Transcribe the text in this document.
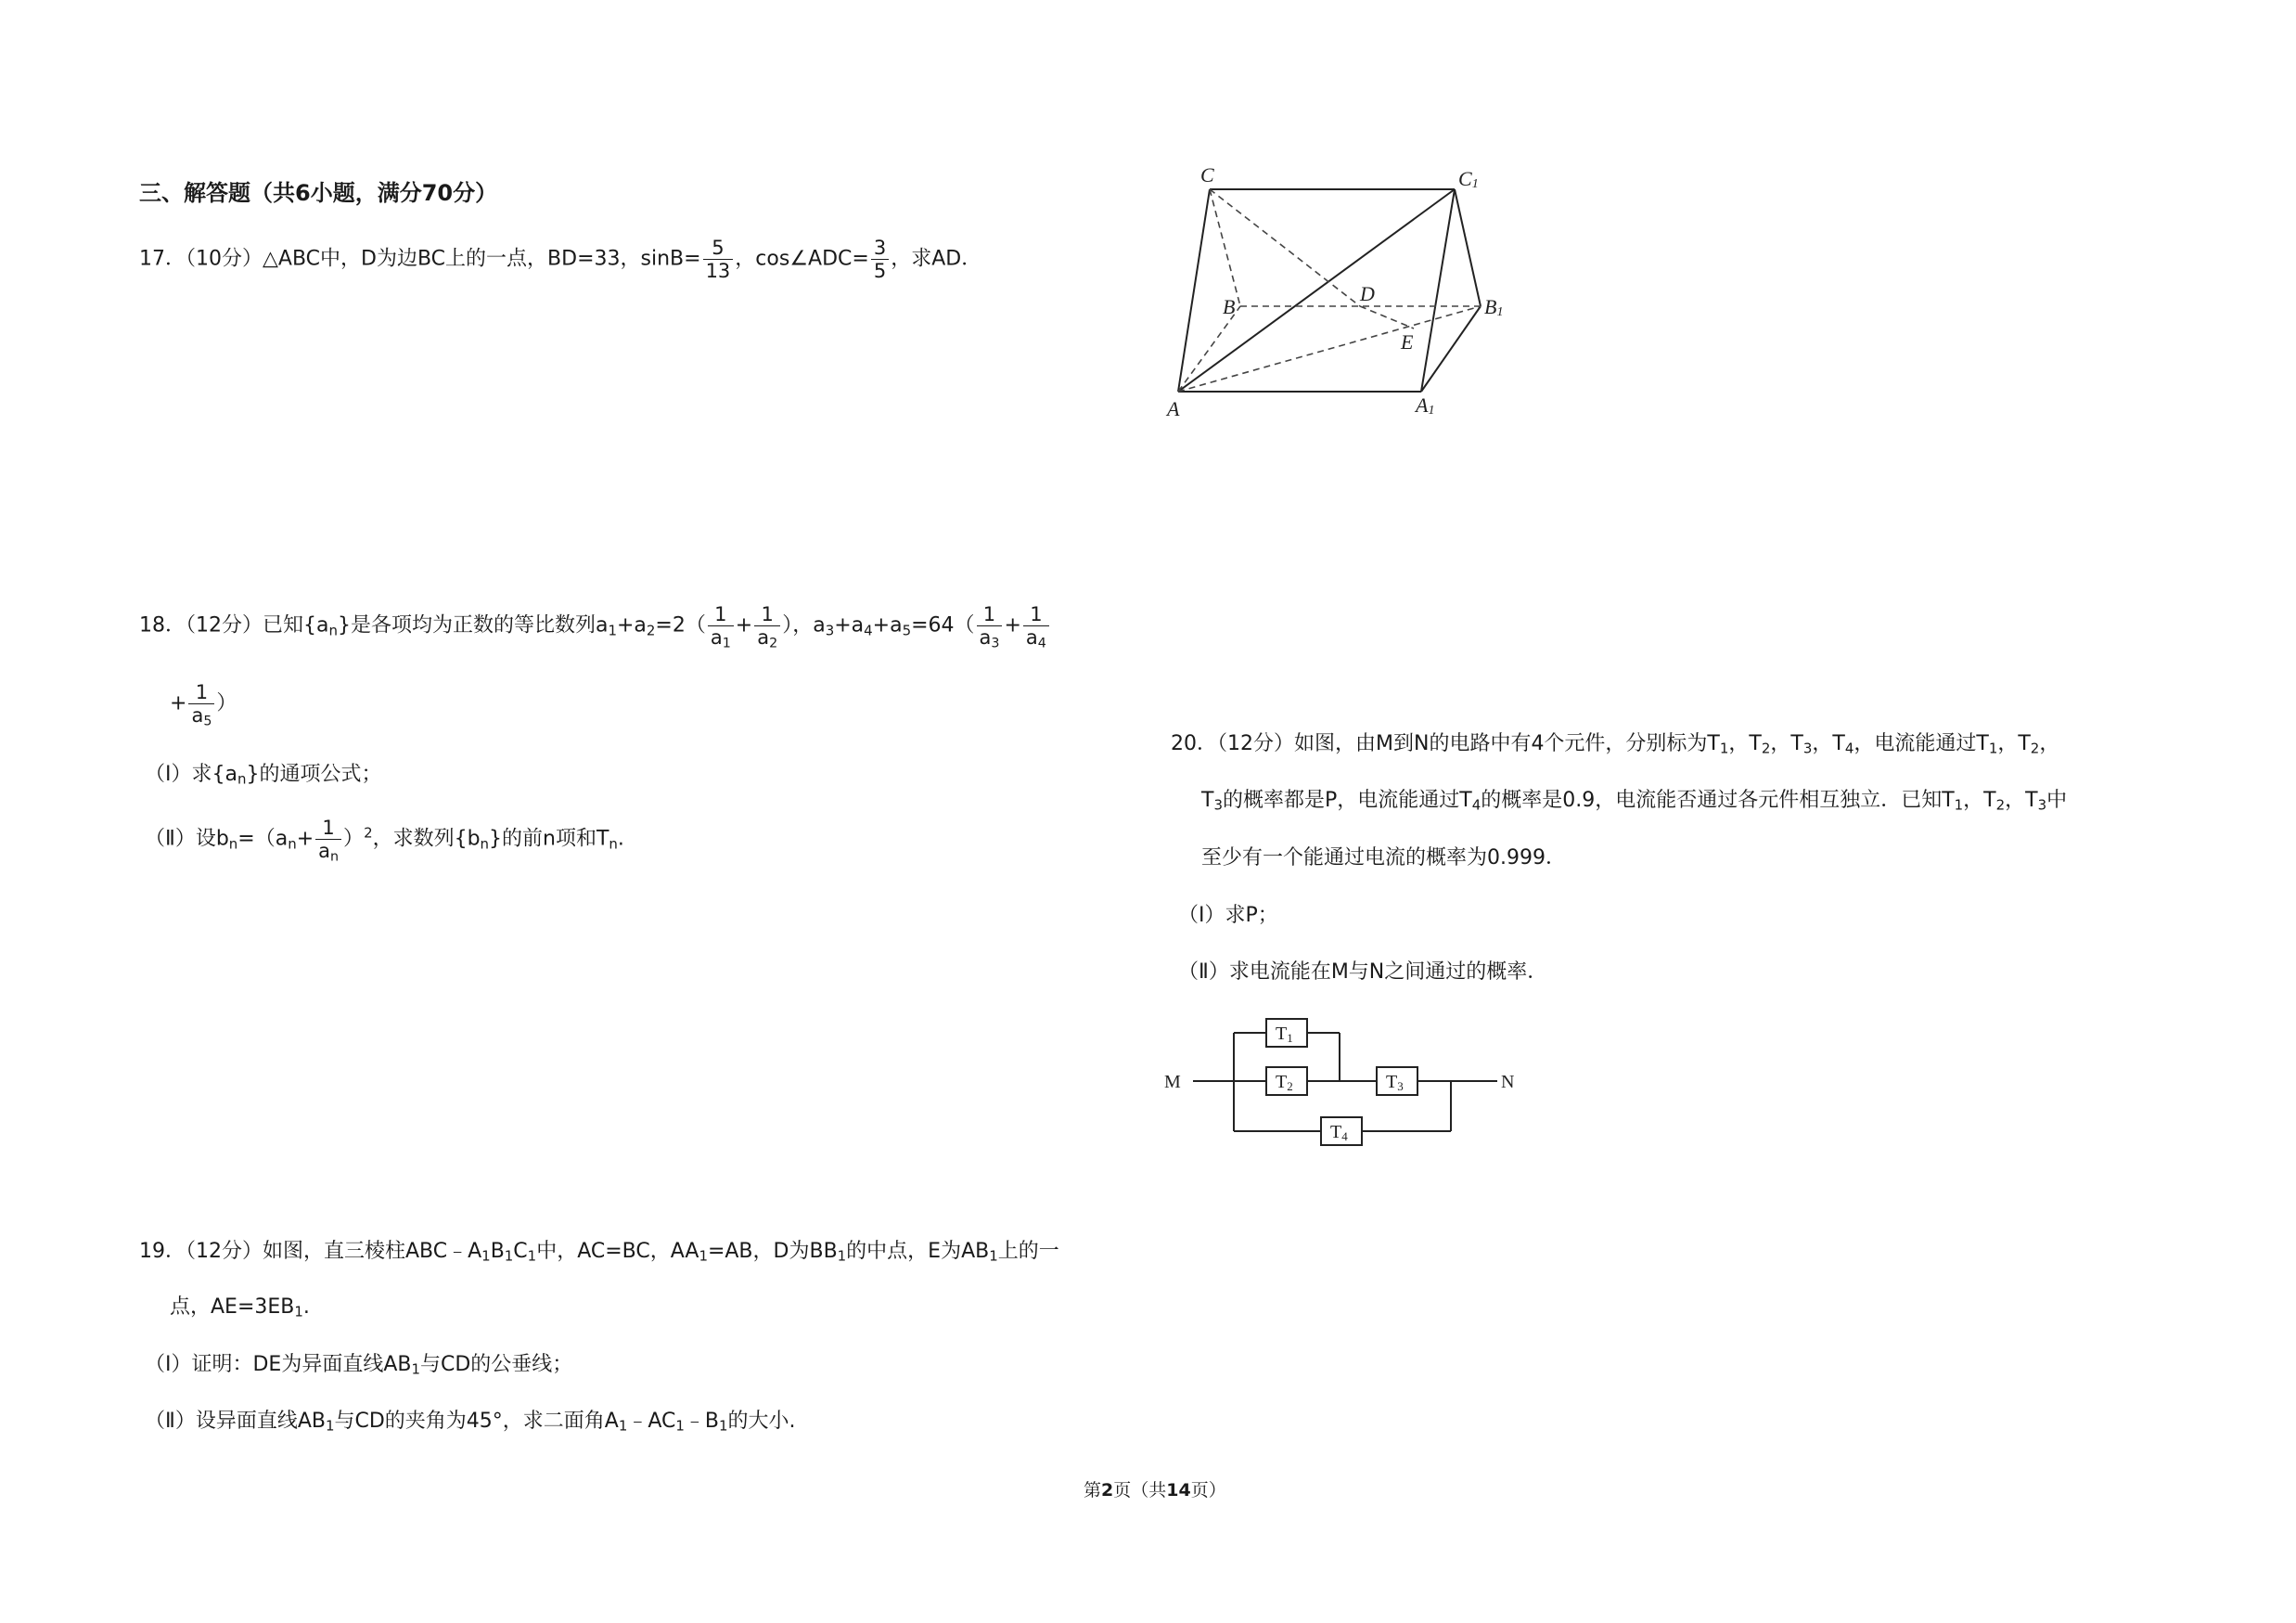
三、解答题（共6小题，满分70分）
17．（10分）△ABC中，D为边BC上的一点，BD=33，$\sin B= \frac{5}{13}$ ，cos∠ADC= $\frac{3}{5}$ ，求AD．
18．（12分）已知$\{a_n\}$是各项均为正数的等比数列$a_1+a_2=2( \frac{1}{a_1} + \frac{1}{a_2}$ ），$a_3+a_4+a_5=64( \frac{1}{a_3} + \frac{1}{a_4}$
+ $\frac{1}{a_5}$ ）
（Ⅰ）求$\{a_n\}$的通项公式；
（Ⅱ）设$b_n=(a_n+ \frac{1}{a_n} )^2$，求数列$\{b_n\}$的前n项和$T_n$.
19．（12分）如图，直三棱柱$ABC﹣A_1B_1C_1$中，AC=BC，$AA_1=AB$，D为$BB_1$的中点，E为$AB_1$上的一
点，$AE=3EB_1$.
（Ⅰ）证明：DE为异面直线$AB_1$与CD的公垂线；
（Ⅱ）设异面直线$AB_1$与CD的夹角为45°，求二面角$A_1﹣AC_1﹣B_1$的大小.
20．（12分）如图，由M到N的电路中有4个元件，分别标为$T_1$，$T_2$，$T_3$，$T_4$，电流能通过$T_1$，$T_2$，
$T_3$的概率都是P，电流能通过$T_4$的概率是0.9，电流能否通过各元件相互独立．已知$T_1$，$T_2$，$T_3$中
至少有一个能通过电流的概率为0.999．
（Ⅰ）求P；
（Ⅱ）求电流能在M与N之间通过的概率．
C	C1
B	B1
A	A1
D
E
M	N
T1
T2	T3
T4
第2页（共14页）
